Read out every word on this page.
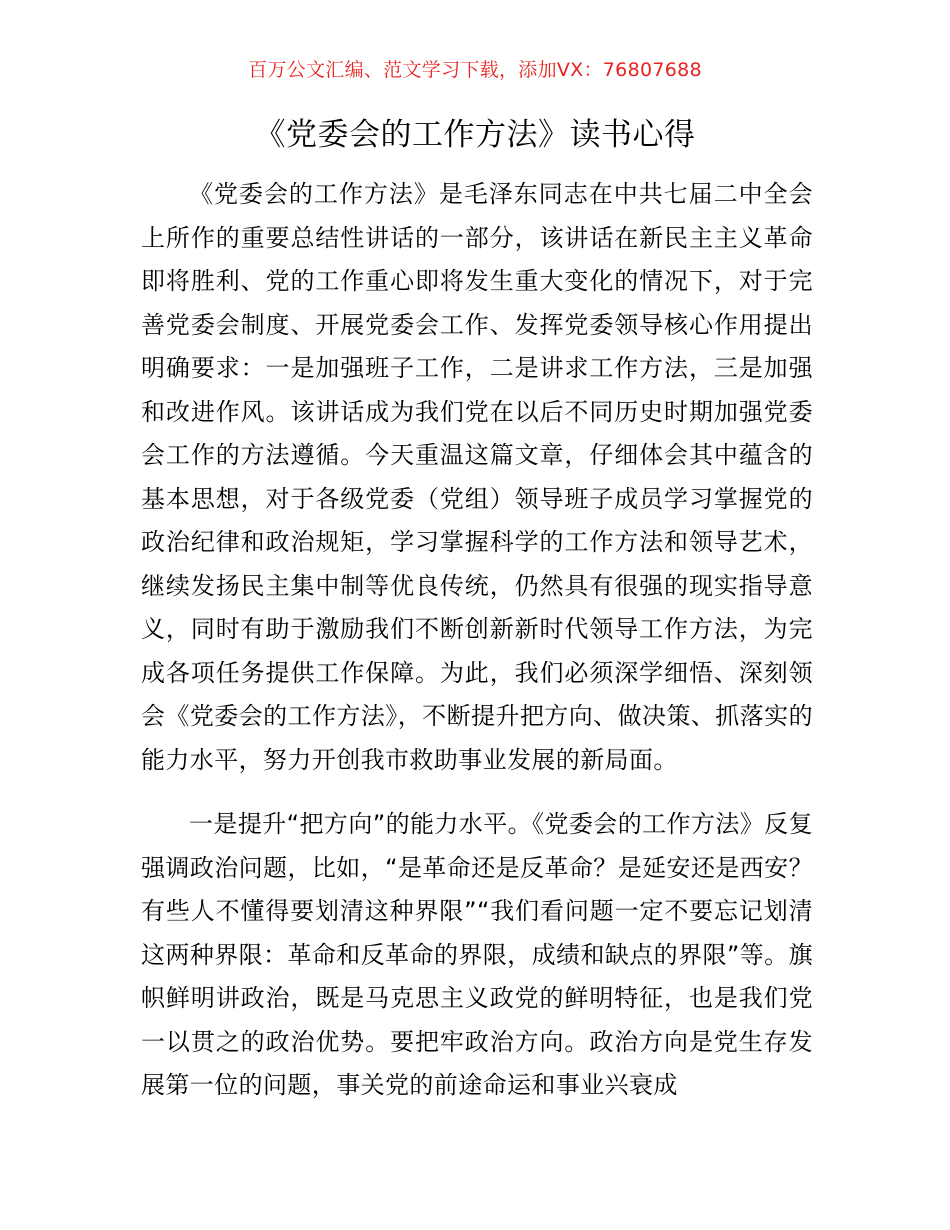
百万公文汇编、范文学习下载，添加VX：76807688
《党委会的工作方法》读书心得

《党委会的工作方法》是毛泽东同志在中共七届二中全会上所作的重要总结性讲话的一部分，该讲话在新民主主义革命即将胜利、党的工作重心即将发生重大变化的情况下，对于完善党委会制度、开展党委会工作、发挥党委领导核心作用提出明确要求：一是加强班子工作，二是讲求工作方法，三是加强和改进作风。该讲话成为我们党在以后不同历史时期加强党委会工作的方法遵循。今天重温这篇文章，仔细体会其中蕴含的基本思想，对于各级党委（党组）领导班子成员学习掌握党的政治纪律和政治规矩，学习掌握科学的工作方法和领导艺术，继续发扬民主集中制等优良传统，仍然具有很强的现实指导意义，同时有助于激励我们不断创新新时代领导工作方法，为完成各项任务提供工作保障。为此，我们必须深学细悟、深刻领会《党委会的工作方法》，不断提升把方向、做决策、抓落实的能力水平，努力开创我市救助事业发展的新局面。

一是提升“把方向”的能力水平。《党委会的工作方法》反复强调政治问题，比如，“是革命还是反革命？是延安还是西安？有些人不懂得要划清这种界限”“我们看问题一定不要忘记划清这两种界限：革命和反革命的界限，成绩和缺点的界限”等。旗帜鲜明讲政治，既是马克思主义政党的鲜明特征，也是我们党一以贯之的政治优势。要把牢政治方向。政治方向是党生存发展第一位的问题，事关党的前途命运和事业兴衰成
